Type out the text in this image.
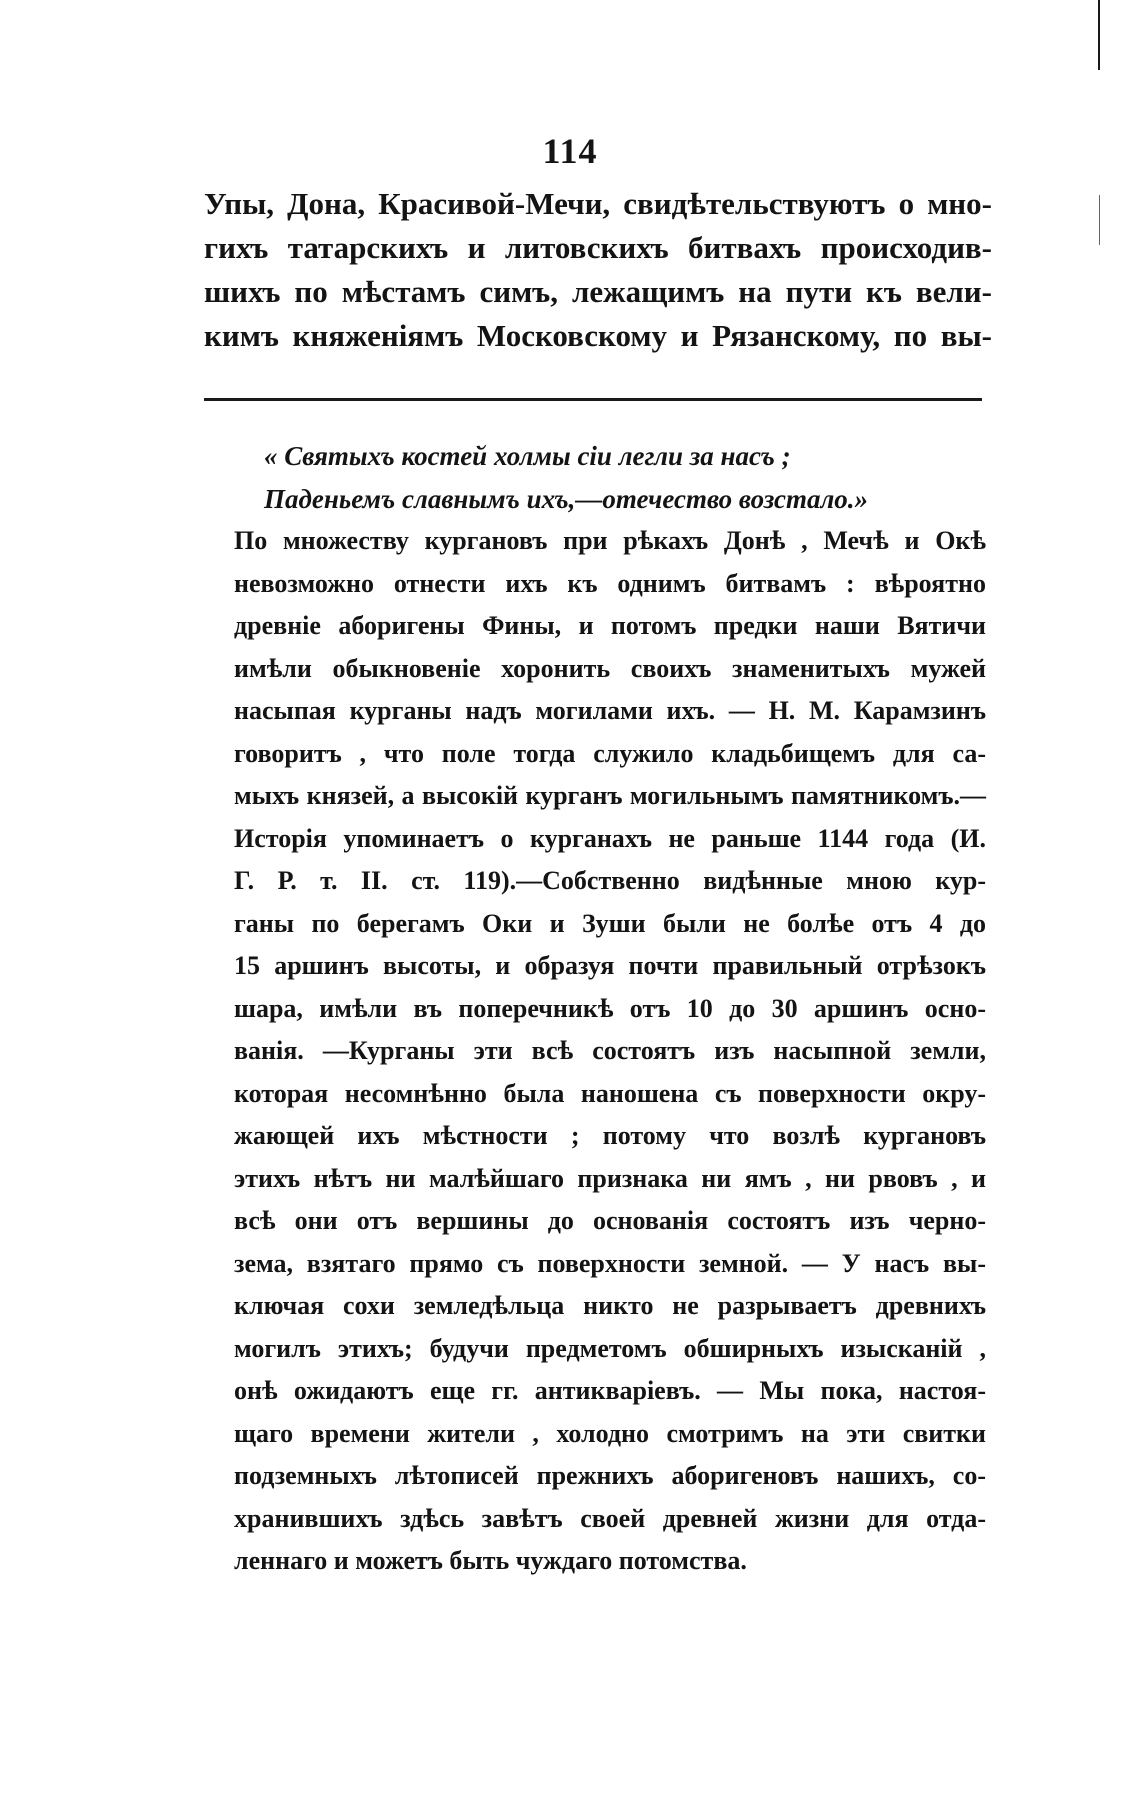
114
Упы, Дона, Красивой-Мечи, свидѣтельствуютъ о мно-
гихъ татарскихъ и литовскихъ битвахъ происходив-
шихъ по мѣстамъ симъ, лежащимъ на пути къ вели-
кимъ княженіямъ Московскому и Рязанскому, по вы-
« Святыхъ костей холмы сіи легли за насъ ;
Паденьемъ славнымъ ихъ,—отечество возстало.»
По множеству кургановъ при рѣкахъ Донѣ , Мечѣ и Окѣ
невозможно отнести ихъ къ однимъ битвамъ : вѣроятно
древніе аборигены Фины, и потомъ предки наши Вятичи
имѣли обыкновеніе хоронить своихъ знаменитыхъ мужей
насыпая курганы надъ могилами ихъ. — Н. М. Карамзинъ
говоритъ , что поле тогда служило кладьбищемъ для са-
мыхъ князей, а высокій курганъ могильнымъ памятникомъ.—
Исторія упоминаетъ о курганахъ не раньше 1144 года (И.
Г. Р. т. II. ст. 119).—Собственно видѣнные мною кур-
ганы по берегамъ Оки и Зуши были не болѣе отъ 4 до
15 аршинъ высоты, и образуя почти правильный отрѣзокъ
шара, имѣли въ поперечникѣ отъ 10 до 30 аршинъ осно-
ванія. —Курганы эти всѣ состоятъ изъ насыпной земли,
которая несомнѣнно была наношена съ поверхности окру-
жающей ихъ мѣстности ; потому что возлѣ кургановъ
этихъ нѣтъ ни малѣйшаго признака ни ямъ , ни рвовъ , и
всѣ они отъ вершины до основанія состоятъ изъ черно-
зема, взятаго прямо съ поверхности земной. — У насъ вы-
ключая сохи земледѣльца никто не разрываетъ древнихъ
могилъ этихъ; будучи предметомъ обширныхъ изысканій ,
онѣ ожидаютъ еще гг. антикваріевъ. — Мы пока, настоя-
щаго времени жители , холодно смотримъ на эти свитки
подземныхъ лѣтописей прежнихъ аборигеновъ нашихъ, со-
хранившихъ здѣсь завѣтъ своей древней жизни для отда-
леннаго и можетъ быть чуждаго потомства.
